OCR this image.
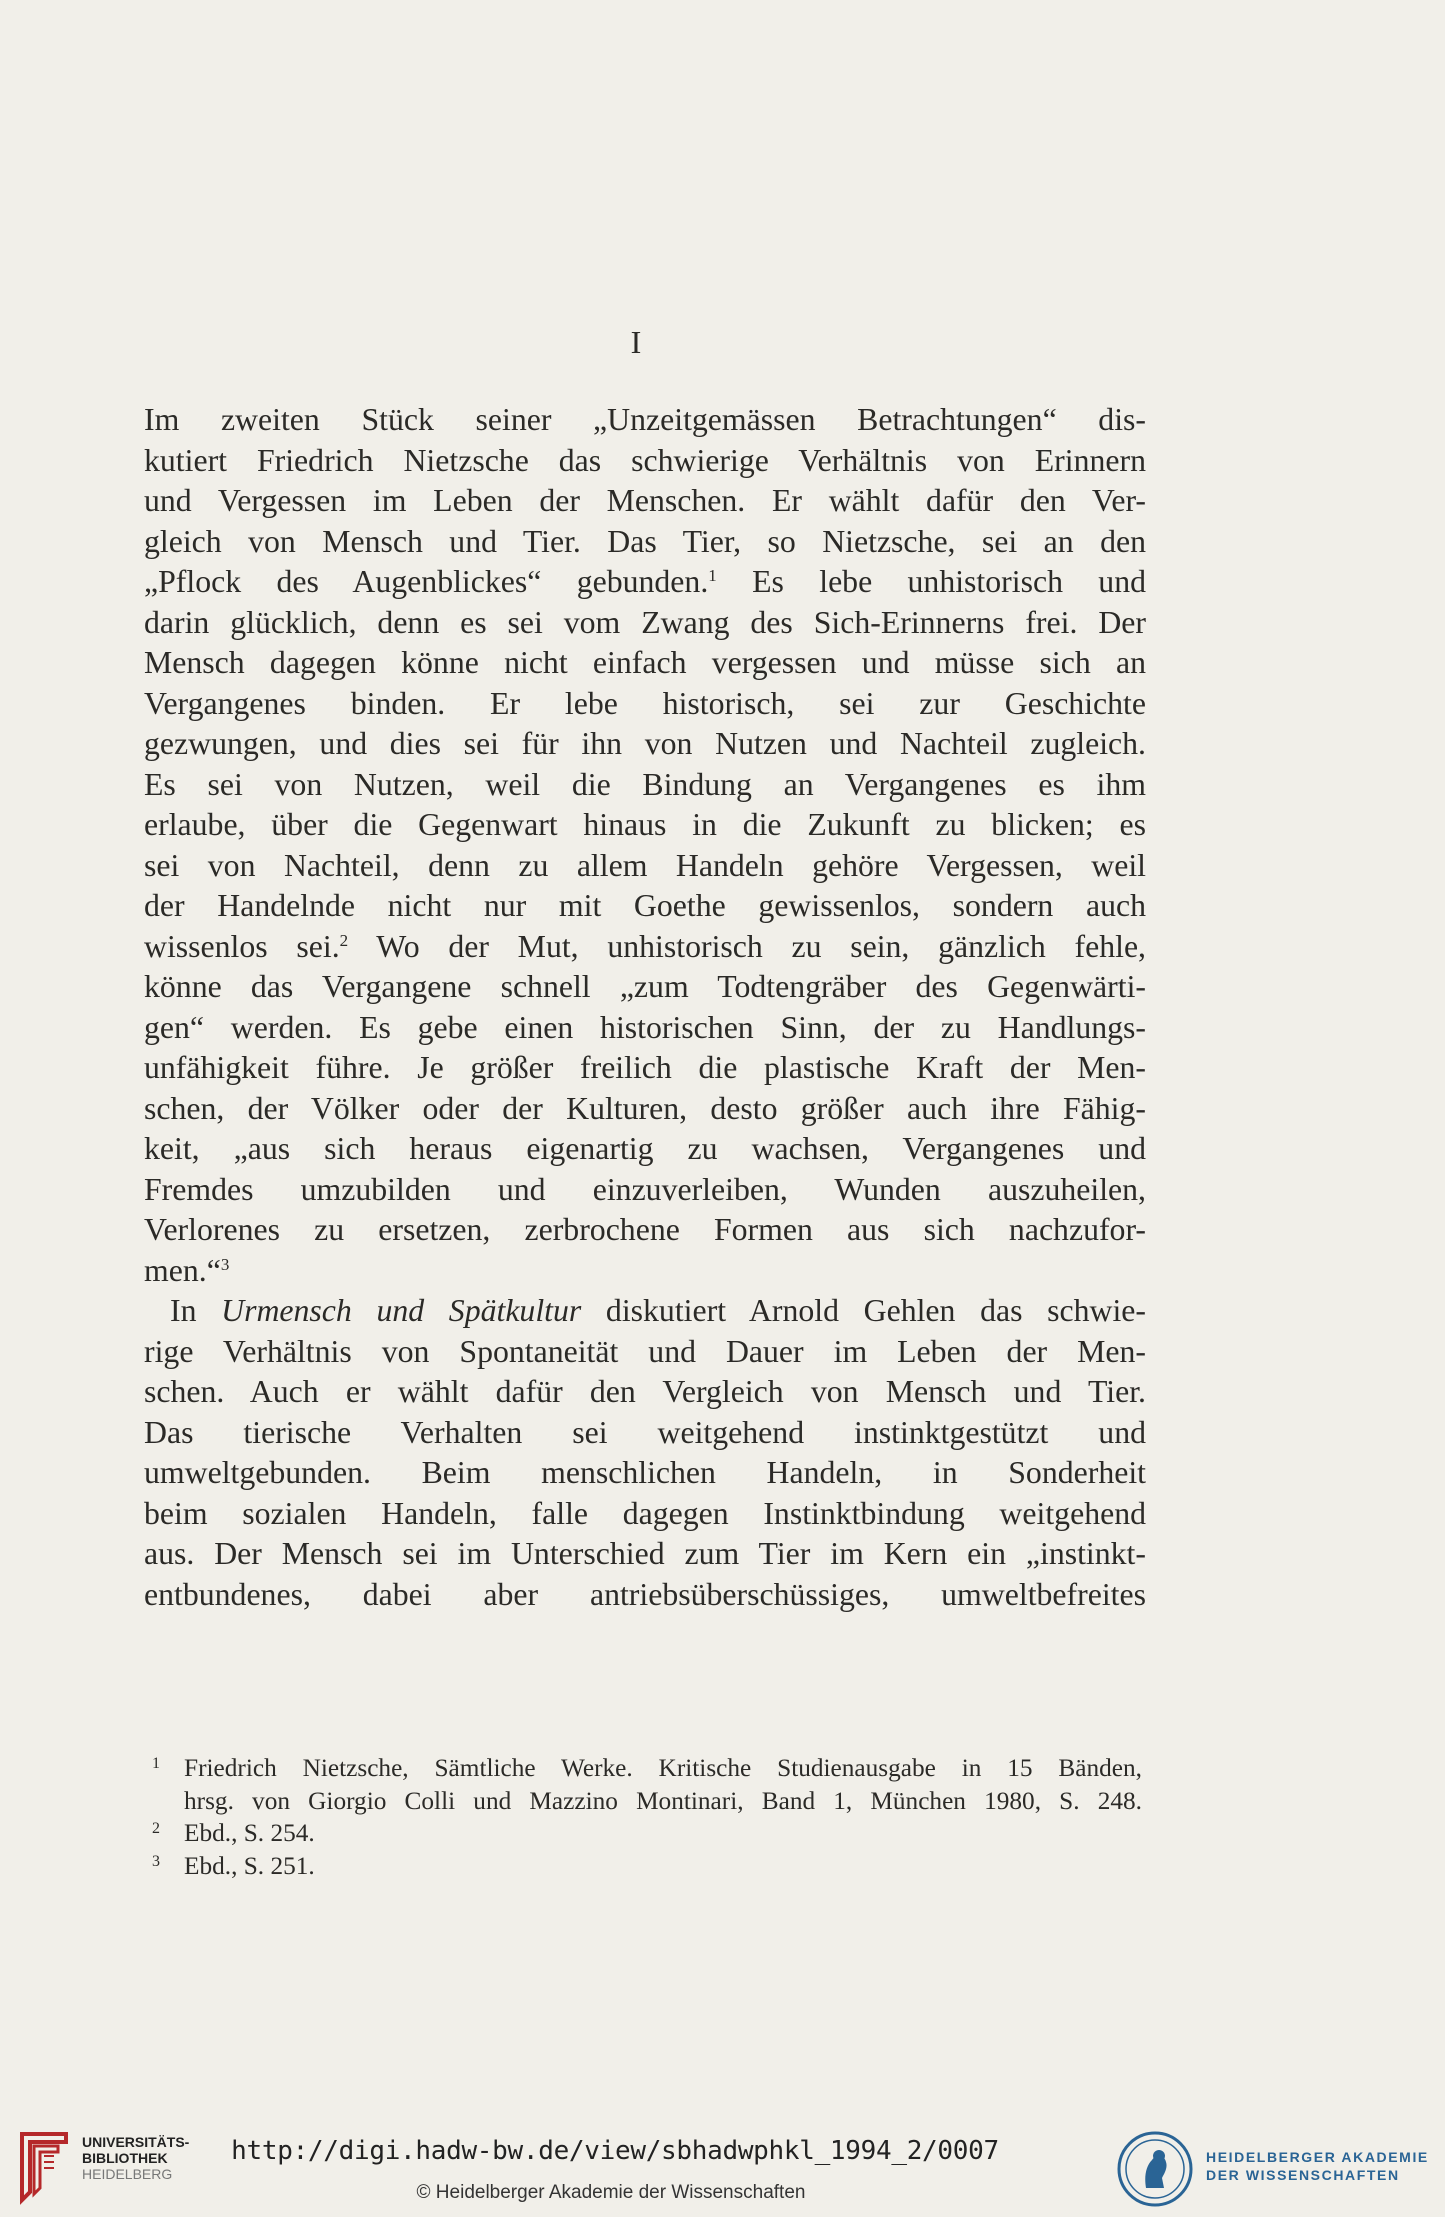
I
Im zweiten Stück seiner „Unzeitgemässen Betrachtungen“ dis-
kutiert Friedrich Nietzsche das schwierige Verhältnis von Erinnern
und Vergessen im Leben der Menschen. Er wählt dafür den Ver-
gleich von Mensch und Tier. Das Tier, so Nietzsche, sei an den
„Pflock des Augenblickes“ gebunden.$^1$ Es lebe unhistorisch und
darin glücklich, denn es sei vom Zwang des Sich-Erinnerns frei. Der
Mensch dagegen könne nicht einfach vergessen und müsse sich an
Vergangenes binden. Er lebe historisch, sei zur Geschichte
gezwungen, und dies sei für ihn von Nutzen und Nachteil zugleich.
Es sei von Nutzen, weil die Bindung an Vergangenes es ihm
erlaube, über die Gegenwart hinaus in die Zukunft zu blicken; es
sei von Nachteil, denn zu allem Handeln gehöre Vergessen, weil
der Handelnde nicht nur mit Goethe gewissenlos, sondern auch
wissenlos sei.$^2$ Wo der Mut, unhistorisch zu sein, gänzlich fehle,
könne das Vergangene schnell „zum Todtengräber des Gegenwärti-
gen“ werden. Es gebe einen historischen Sinn, der zu Handlungs-
unfähigkeit führe. Je größer freilich die plastische Kraft der Men-
schen, der Völker oder der Kulturen, desto größer auch ihre Fähig-
keit, „aus sich heraus eigenartig zu wachsen, Vergangenes und
Fremdes umzubilden und einzuverleiben, Wunden auszuheilen,
Verlorenes zu ersetzen, zerbrochene Formen aus sich nachzufor-
men.“$^3$
In Urmensch und Spätkultur diskutiert Arnold Gehlen das schwie-
rige Verhältnis von Spontaneität und Dauer im Leben der Men-
schen. Auch er wählt dafür den Vergleich von Mensch und Tier.
Das tierische Verhalten sei weitgehend instinktgestützt und
umweltgebunden. Beim menschlichen Handeln, in Sonderheit
beim sozialen Handeln, falle dagegen Instinktbindung weitgehend
aus. Der Mensch sei im Unterschied zum Tier im Kern ein „instinkt-
entbundenes, dabei aber antriebsüberschüssiges, umweltbefreites
1 Friedrich Nietzsche, Sämtliche Werke. Kritische Studienausgabe in 15 Bänden,
hrsg. von Giorgio Colli und Mazzino Montinari, Band 1, München 1980, S. 248.
2 Ebd., S. 254.
3 Ebd., S. 251.
UNIVERSITÄTS-
BIBLIOTHEK
HEIDELBERG
http://digi.hadw-bw.de/view/sbhadwphkl_1994_2/0007
© Heidelberger Akademie der Wissenschaften
HEIDELBERGER AKADEMIE
DER WISSENSCHAFTEN
